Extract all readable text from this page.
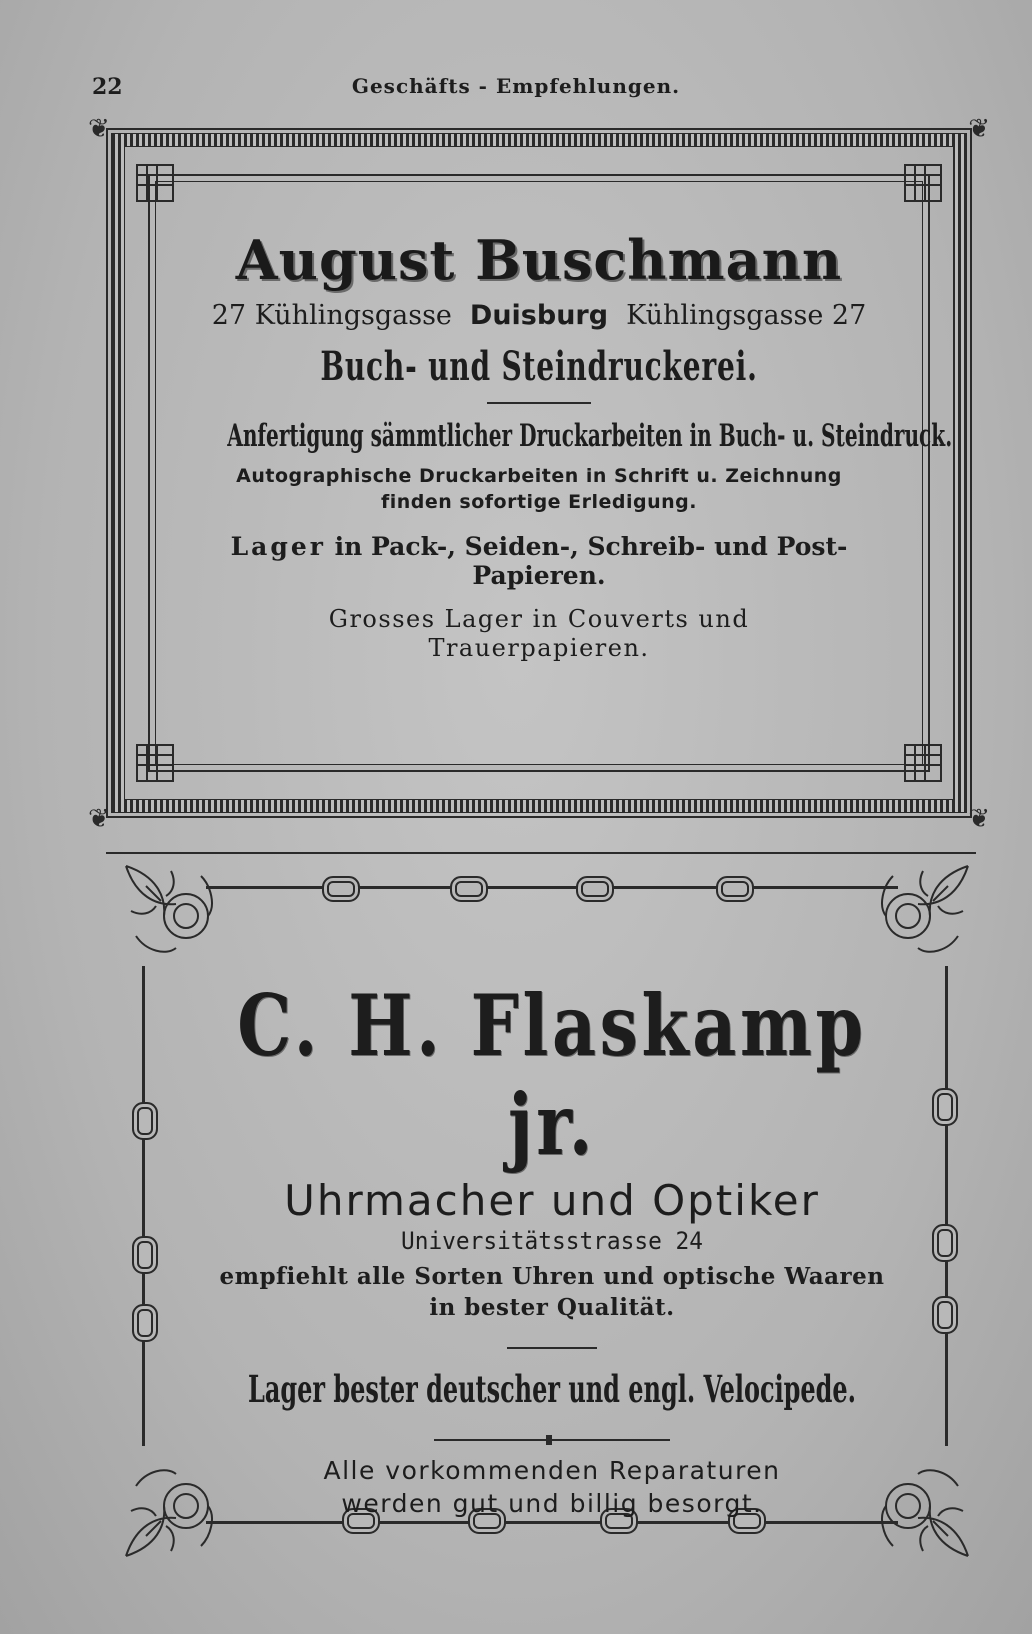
22	Geschäfts - Empfehlungen.
❦	❦
❦	❦
August Buschmann
27 Kühlingsgasse Duisburg Kühlingsgasse 27
Buch- und Steindruckerei.
Anfertigung sämmtlicher Druckarbeiten in Buch- u. Steindruck.
Autographische Druckarbeiten in Schrift u. Zeichnung
finden sofortige Erledigung.
Lager in Pack-, Seiden-, Schreib- und Post-
Papieren.
Grosses Lager in Couverts und
Trauerpapieren.
C. H. Flaskamp jr.
Uhrmacher und Optiker
Universitätsstrasse 24
empfiehlt alle Sorten Uhren und optische Waaren
in bester Qualität.
Lager bester deutscher und engl. Velocipede.
Alle vorkommenden Reparaturen
werden gut und billig besorgt.
